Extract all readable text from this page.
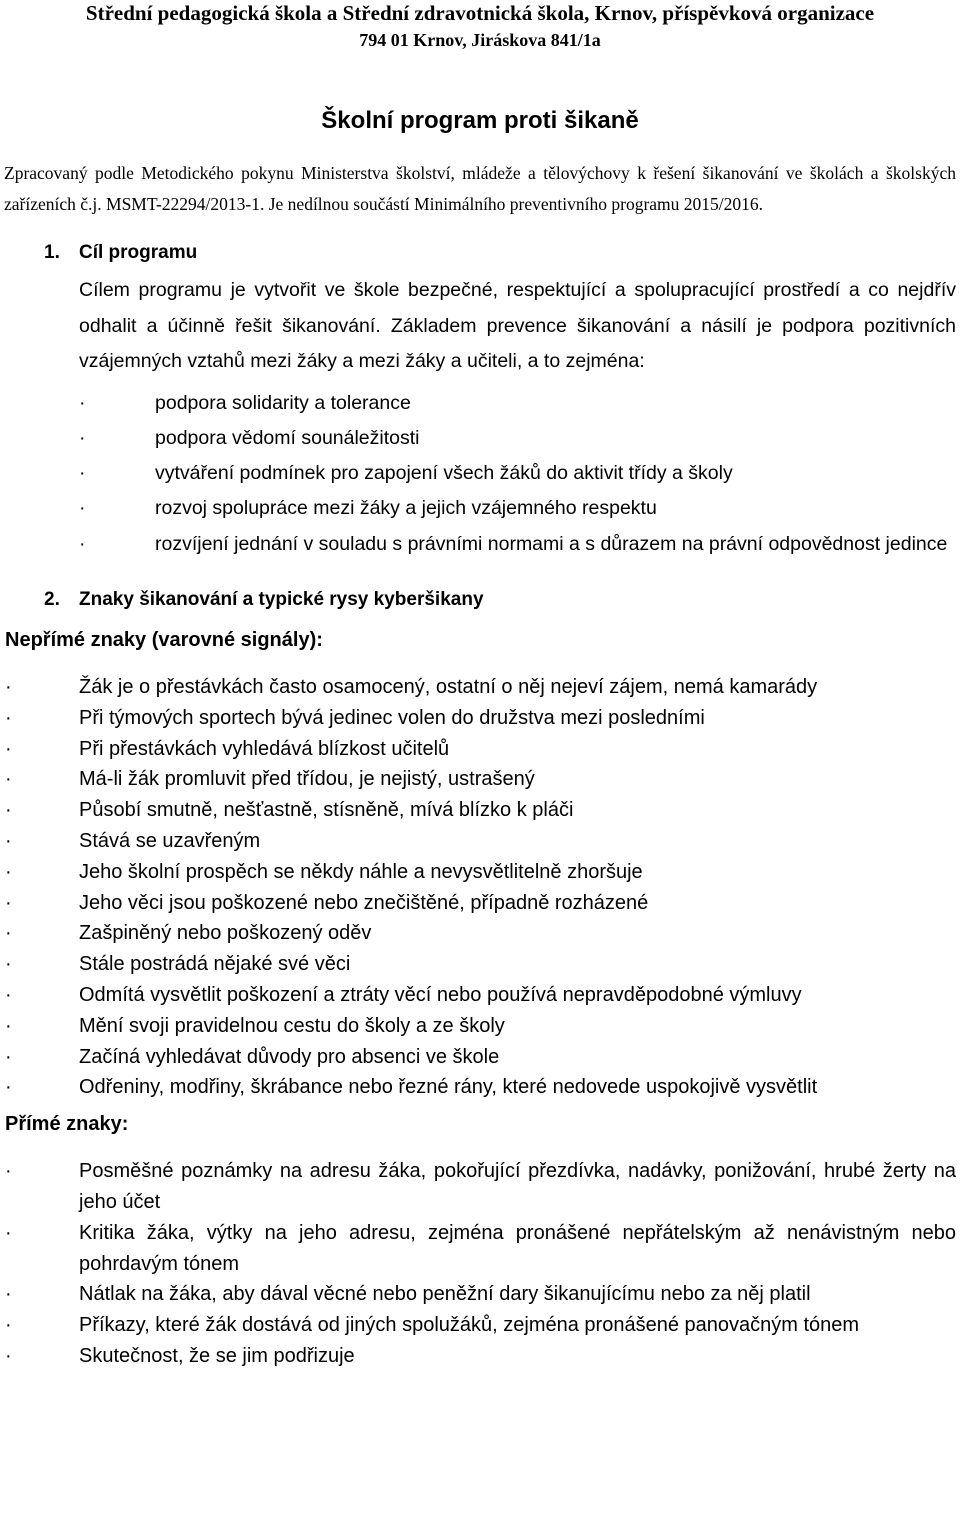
Střední pedagogická škola a Střední zdravotnická škola, Krnov, příspěvková organizace
794 01 Krnov, Jiráskova 841/1a
Školní program proti šikaně
Zpracovaný podle Metodického pokynu Ministerstva školství, mládeže a tělovýchovy k řešení šikanování ve školách a školských zařízeních č.j. MSMT-22294/2013-1. Je nedílnou součástí Minimálního preventivního programu 2015/2016.
1. Cíl programu
Cílem programu je vytvořit ve škole bezpečné, respektující a spolupracující prostředí a co nejdřív odhalit a účinně řešit šikanování. Základem prevence šikanování a násilí je podpora pozitivních vzájemných vztahů mezi žáky a mezi žáky a učiteli, a to zejména:
·	podpora solidarity a tolerance
·	podpora vědomí sounáležitosti
·	vytváření podmínek pro zapojení všech žáků do aktivit třídy a školy
·	rozvoj spolupráce mezi žáky a jejich vzájemného respektu
·	rozvíjení jednání v souladu s právními normami a s důrazem na právní odpovědnost jedince
2. Znaky šikanování a typické rysy kyberšikany
Nepřímé znaky (varovné signály):
·	Žák je o přestávkách často osamocený, ostatní o něj nejeví zájem, nemá kamarády
·	Při týmových sportech bývá jedinec volen do družstva mezi posledními
·	Při přestávkách vyhledává blízkost učitelů
·	Má-li žák promluvit před třídou, je nejistý, ustrašený
·	Působí smutně, nešťastně, stísněně, mívá blízko k pláči
·	Stává se uzavřeným
·	Jeho školní prospěch se někdy náhle a nevysvětlitelně zhoršuje
·	Jeho věci jsou poškozené nebo znečištěné, případně rozházené
·	Zašpiněný nebo poškozený oděv
·	Stále postrádá nějaké své věci
·	Odmítá vysvětlit poškození a ztráty věcí nebo používá nepravděpodobné výmluvy
·	Mění svoji pravidelnou cestu do školy a ze školy
·	Začíná vyhledávat důvody pro absenci ve škole
·	Odřeniny, modřiny, škrábance nebo řezné rány, které nedovede uspokojivě vysvětlit
Přímé znaky:
·	Posměšné poznámky na adresu žáka, pokořující přezdívka, nadávky, ponižování, hrubé žerty na jeho účet
·	Kritika žáka, výtky na jeho adresu, zejména pronášené nepřátelským až nenávistným nebo pohrdavým tónem
·	Nátlak na žáka, aby dával věcné nebo peněžní dary šikanujícímu nebo za něj platil
·	Příkazy, které žák dostává od jiných spolužáků, zejména pronášené panovačným tónem
·	Skutečnost, že se jim podřizuje
